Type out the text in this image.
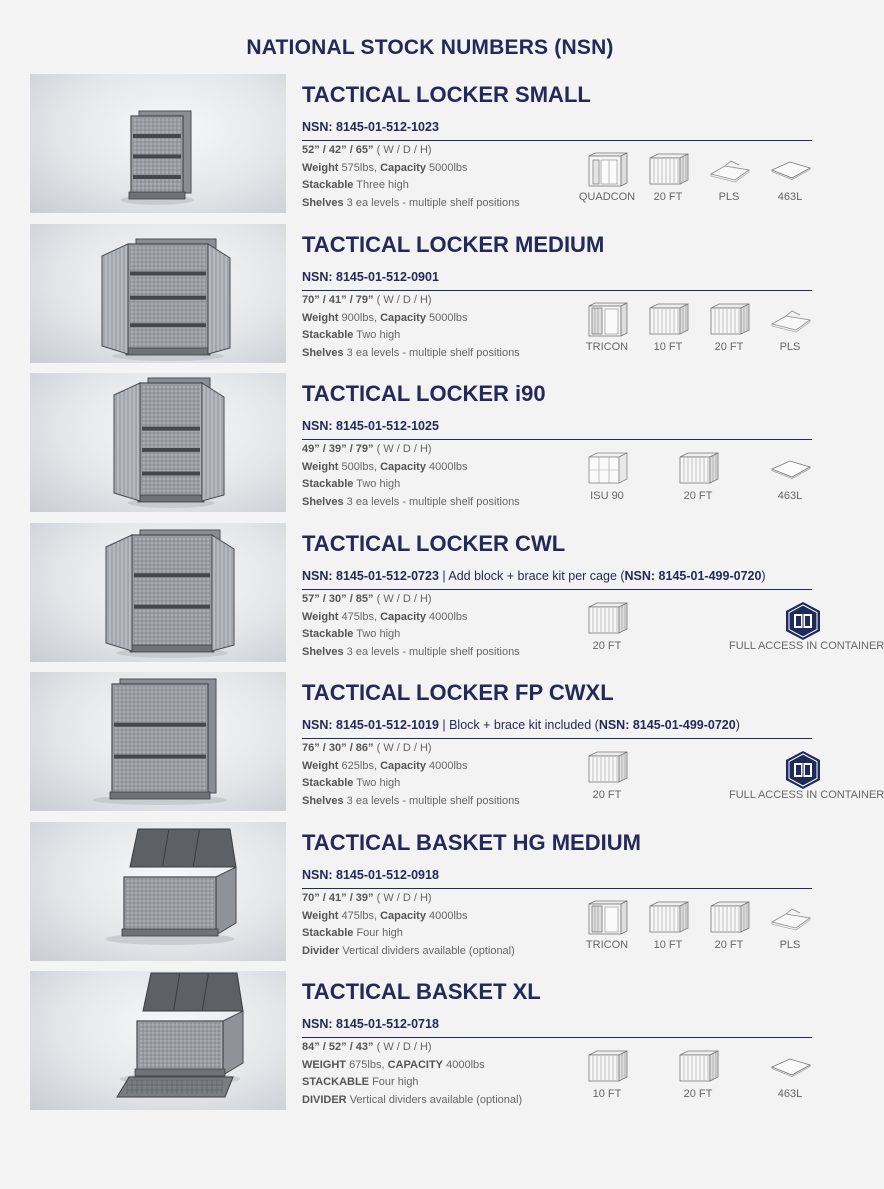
NATIONAL STOCK NUMBERS (NSN)
TACTICAL LOCKER SMALL
NSN: 8145-01-512-1023
52” / 42” / 65” ( W / D / H)
Weight 575lbs, Capacity 5000lbs
Stackable Three high
Shelves 3 ea levels - multiple shelf positions	QUADCON	20 FT	PLS	463L
TACTICAL LOCKER MEDIUM
NSN: 8145-01-512-0901
70” / 41” / 79” ( W / D / H)
Weight 900lbs, Capacity 5000lbs
Stackable Two high
Shelves 3 ea levels - multiple shelf positions	TRICON	10 FT	20 FT	PLS
TACTICAL LOCKER i90
NSN: 8145-01-512-1025
49” / 39” / 79” ( W / D / H)
Weight 500lbs, Capacity 4000lbs
Stackable Two high
Shelves 3 ea levels - multiple shelf positions	ISU 90	20 FT	463L
TACTICAL LOCKER CWL
NSN: 8145-01-512-0723 | Add block + brace kit per cage (NSN: 8145-01-499-0720)
57” / 30” / 85” ( W / D / H)
Weight 475lbs, Capacity 4000lbs
Stackable Two high
Shelves 3 ea levels - multiple shelf positions	20 FT	FULL ACCESS IN CONTAINER
TACTICAL LOCKER FP CWXL
NSN: 8145-01-512-1019 | Block + brace kit included (NSN: 8145-01-499-0720)
76” / 30” / 86” ( W / D / H)
Weight 625lbs, Capacity 4000lbs
Stackable Two high
Shelves 3 ea levels - multiple shelf positions	20 FT	FULL ACCESS IN CONTAINER
TACTICAL BASKET HG MEDIUM
NSN: 8145-01-512-0918
70” / 41” / 39” ( W / D / H)
Weight 475lbs, Capacity 4000lbs
Stackable Four high
Divider Vertical dividers available (optional)	TRICON	10 FT	20 FT	PLS
TACTICAL BASKET XL
NSN: 8145-01-512-0718
84” / 52” / 43” ( W / D / H)
WEIGHT 675lbs, CAPACITY 4000lbs
STACKABLE Four high
DIVIDER Vertical dividers available (optional)	10 FT	20 FT	463L
